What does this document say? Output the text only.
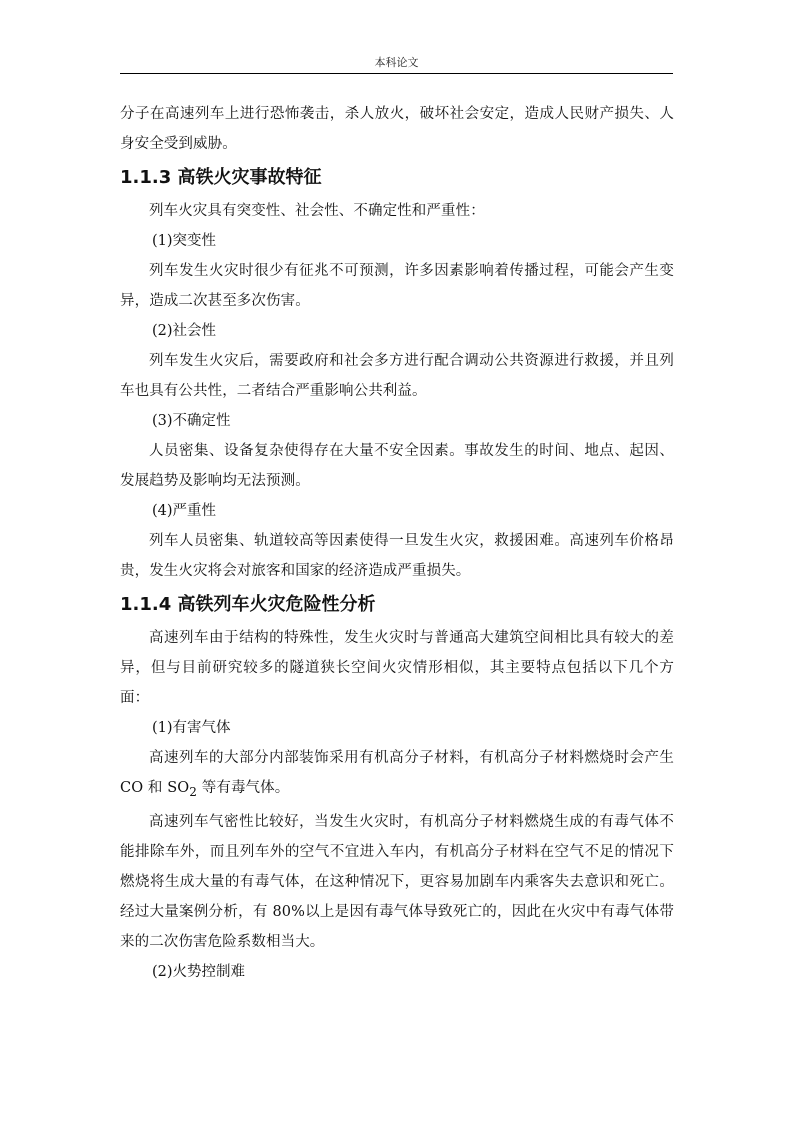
本科论文

分子在高速列车上进行恐怖袭击，杀人放火，破坏社会安定，造成人民财产损失、人身安全受到威胁。

1.1.3 高铁火灾事故特征

列车火灾具有突变性、社会性、不确定性和严重性：

(1)突变性

列车发生火灾时很少有征兆不可预测，许多因素影响着传播过程，可能会产生变异，造成二次甚至多次伤害。

(2)社会性

列车发生火灾后，需要政府和社会多方进行配合调动公共资源进行救援，并且列车也具有公共性，二者结合严重影响公共利益。

(3)不确定性

人员密集、设备复杂使得存在大量不安全因素。事故发生的时间、地点、起因、发展趋势及影响均无法预测。

(4)严重性

列车人员密集、轨道较高等因素使得一旦发生火灾，救援困难。高速列车价格昂贵，发生火灾将会对旅客和国家的经济造成严重损失。

1.1.4 高铁列车火灾危险性分析

高速列车由于结构的特殊性，发生火灾时与普通高大建筑空间相比具有较大的差异，但与目前研究较多的隧道狭长空间火灾情形相似，其主要特点包括以下几个方面：

(1)有害气体

高速列车的大部分内部装饰采用有机高分子材料，有机高分子材料燃烧时会产生 CO 和 $SO_2$ 等有毒气体。

高速列车气密性比较好，当发生火灾时，有机高分子材料燃烧生成的有毒气体不能排除车外，而且列车外的空气不宜进入车内，有机高分子材料在空气不足的情况下燃烧将生成大量的有毒气体，在这种情况下，更容易加剧车内乘客失去意识和死亡。经过大量案例分析，有 80%以上是因有毒气体导致死亡的，因此在火灾中有毒气体带来的二次伤害危险系数相当大。

(2)火势控制难
